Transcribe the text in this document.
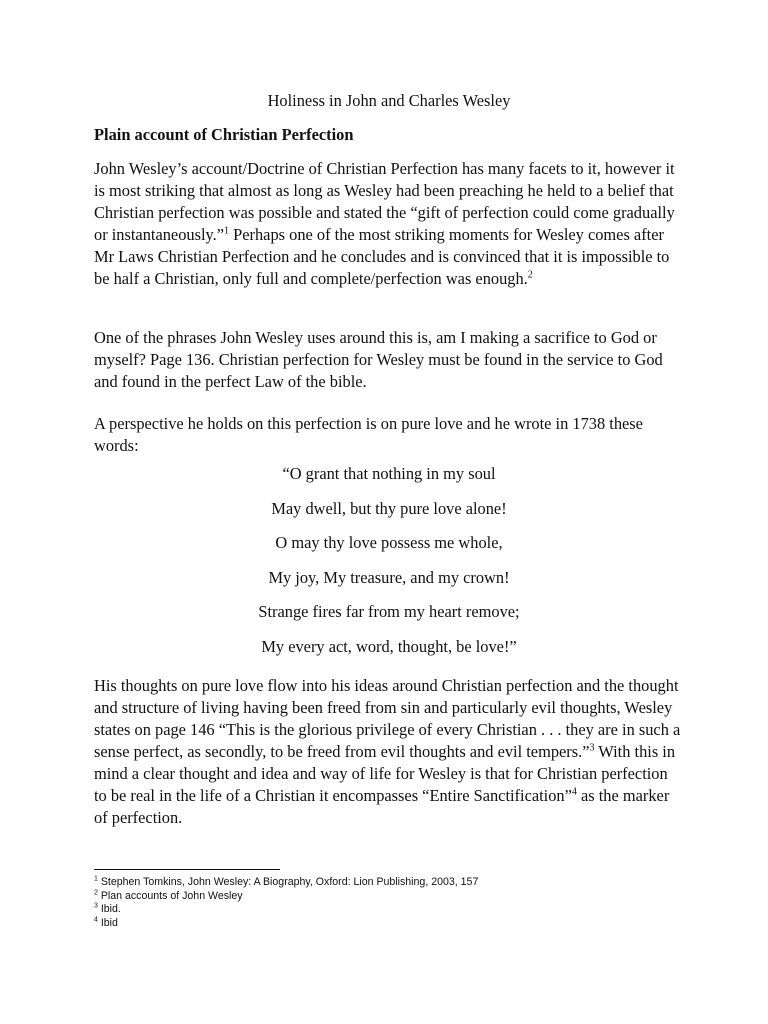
Holiness in John and Charles Wesley
Plain account of Christian Perfection

John Wesley’s account/Doctrine of Christian Perfection has many facets to it, however it is most striking that almost as long as Wesley had been preaching he held to a belief that Christian perfection was possible and stated the “gift of perfection could come gradually or instantaneously.”$^1$ Perhaps one of the most striking moments for Wesley comes after Mr Laws Christian Perfection and he concludes and is convinced that it is impossible to be half a Christian, only full and complete/perfection was enough.$^2$

One of the phrases John Wesley uses around this is, am I making a sacrifice to God or myself? Page 136. Christian perfection for Wesley must be found in the service to God and found in the perfect Law of the bible.

A perspective he holds on this perfection is on pure love and he wrote in 1738 these words:

“O grant that nothing in my soul
May dwell, but thy pure love alone!
O may thy love possess me whole,
My joy, My treasure, and my crown!
Strange fires far from my heart remove;
My every act, word, thought, be love!”

His thoughts on pure love flow into his ideas around Christian perfection and the thought and structure of living having been freed from sin and particularly evil thoughts, Wesley states on page 146 “This is the glorious privilege of every Christian . . . they are in such a sense perfect, as secondly, to be freed from evil thoughts and evil tempers.”$^3$ With this in mind a clear thought and idea and way of life for Wesley is that for Christian perfection to be real in the life of a Christian it encompasses “Entire Sanctification”$^4$ as the marker of perfection.

$^1$ Stephen Tomkins, John Wesley: A Biography, Oxford: Lion Publishing, 2003, 157
$^2$ Plan accounts of John Wesley
$^3$ Ibid.
$^4$ Ibid
